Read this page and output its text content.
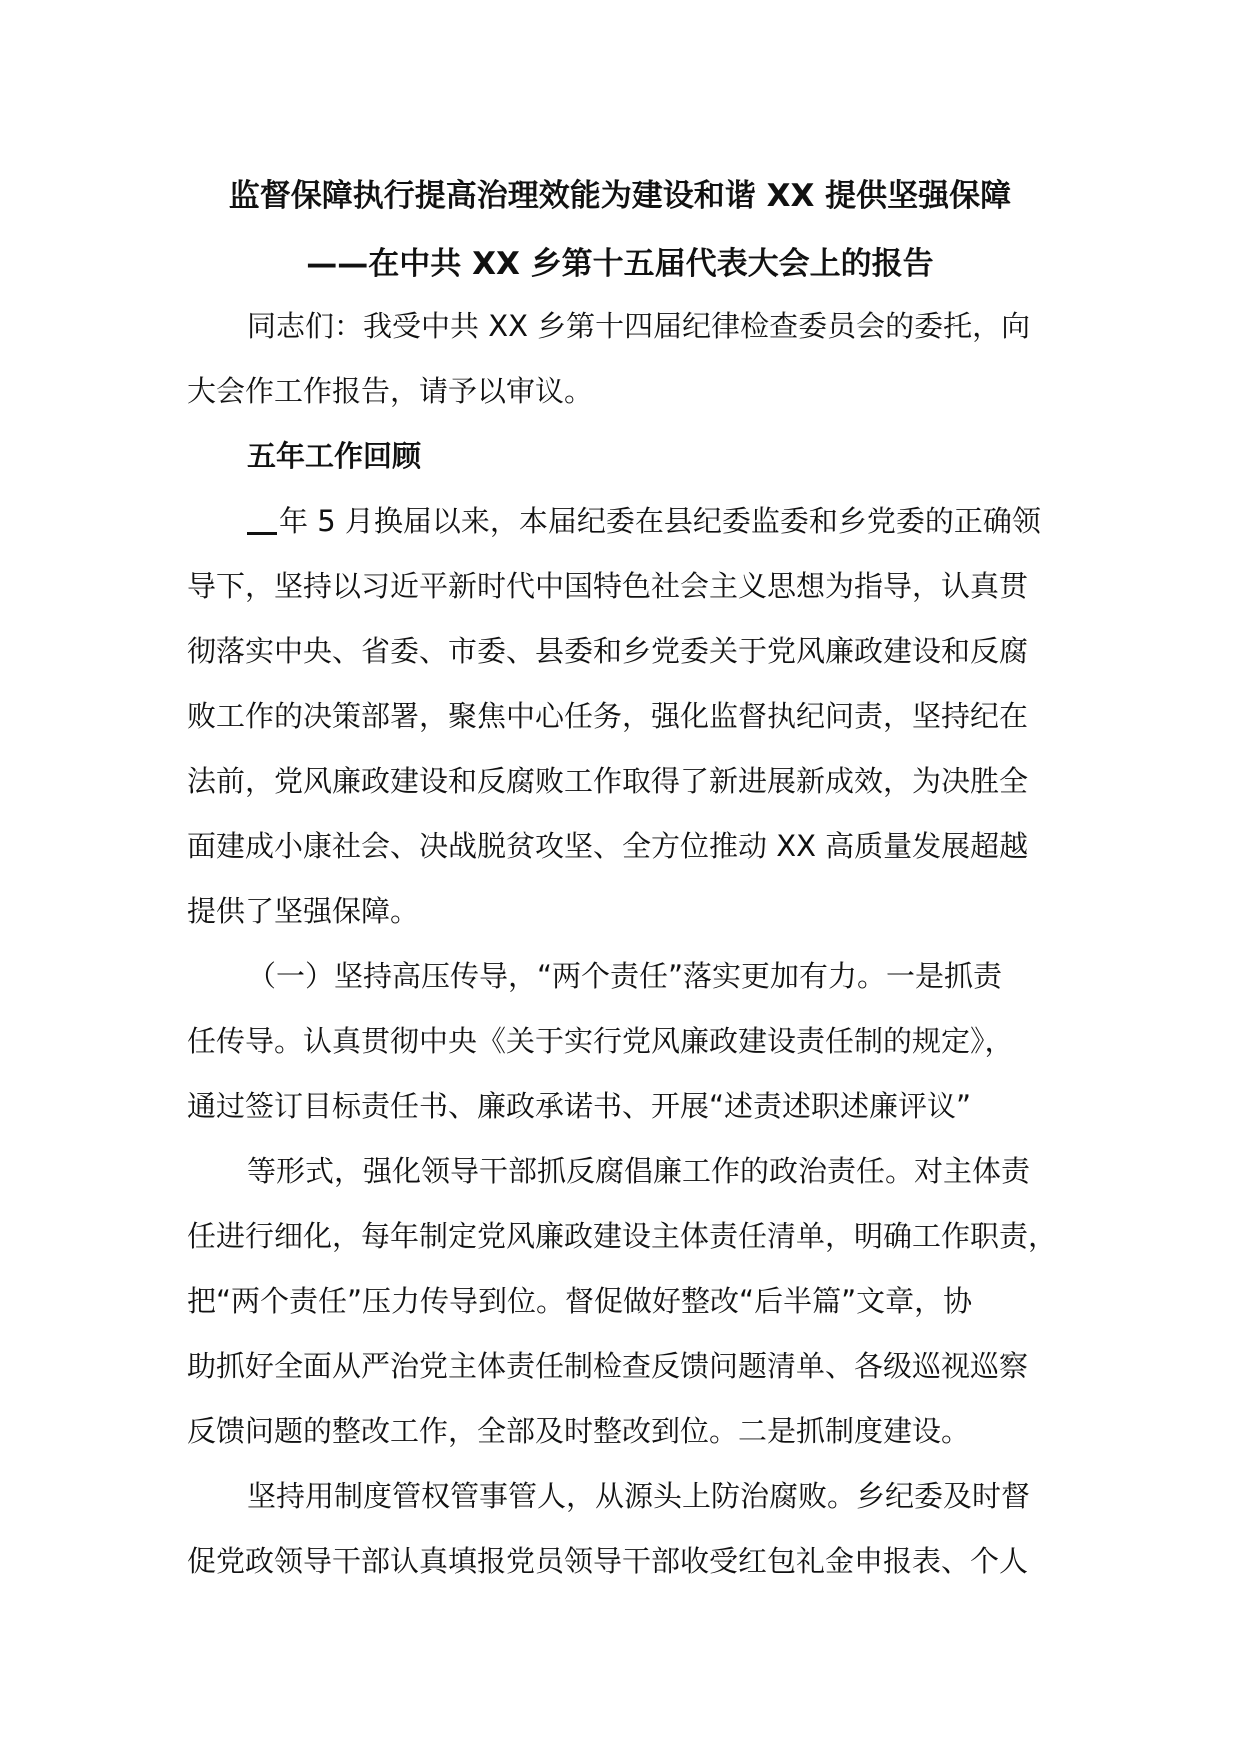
监督保障执行提高治理效能为建设和谐 XX 提供坚强保障
——在中共 XX 乡第十五届代表大会上的报告
同志们：我受中共 XX 乡第十四届纪律检查委员会的委托，向
大会作工作报告，请予以审议。
五年工作回顾
年 5 月换届以来，本届纪委在县纪委监委和乡党委的正确领
导下，坚持以习近平新时代中国特色社会主义思想为指导，认真贯
彻落实中央、省委、市委、县委和乡党委关于党风廉政建设和反腐
败工作的决策部署，聚焦中心任务，强化监督执纪问责，坚持纪在
法前，党风廉政建设和反腐败工作取得了新进展新成效，为决胜全
面建成小康社会、决战脱贫攻坚、全方位推动 XX 高质量发展超越
提供了坚强保障。
（一）坚持高压传导，“两个责任”落实更加有力。一是抓责
任传导。认真贯彻中央《关于实行党风廉政建设责任制的规定》，
通过签订目标责任书、廉政承诺书、开展“述责述职述廉评议”
等形式，强化领导干部抓反腐倡廉工作的政治责任。对主体责
任进行细化，每年制定党风廉政建设主体责任清单，明确工作职责，
把“两个责任”压力传导到位。督促做好整改“后半篇”文章，协
助抓好全面从严治党主体责任制检查反馈问题清单、各级巡视巡察
反馈问题的整改工作，全部及时整改到位。二是抓制度建设。
坚持用制度管权管事管人，从源头上防治腐败。乡纪委及时督
促党政领导干部认真填报党员领导干部收受红包礼金申报表、个人
